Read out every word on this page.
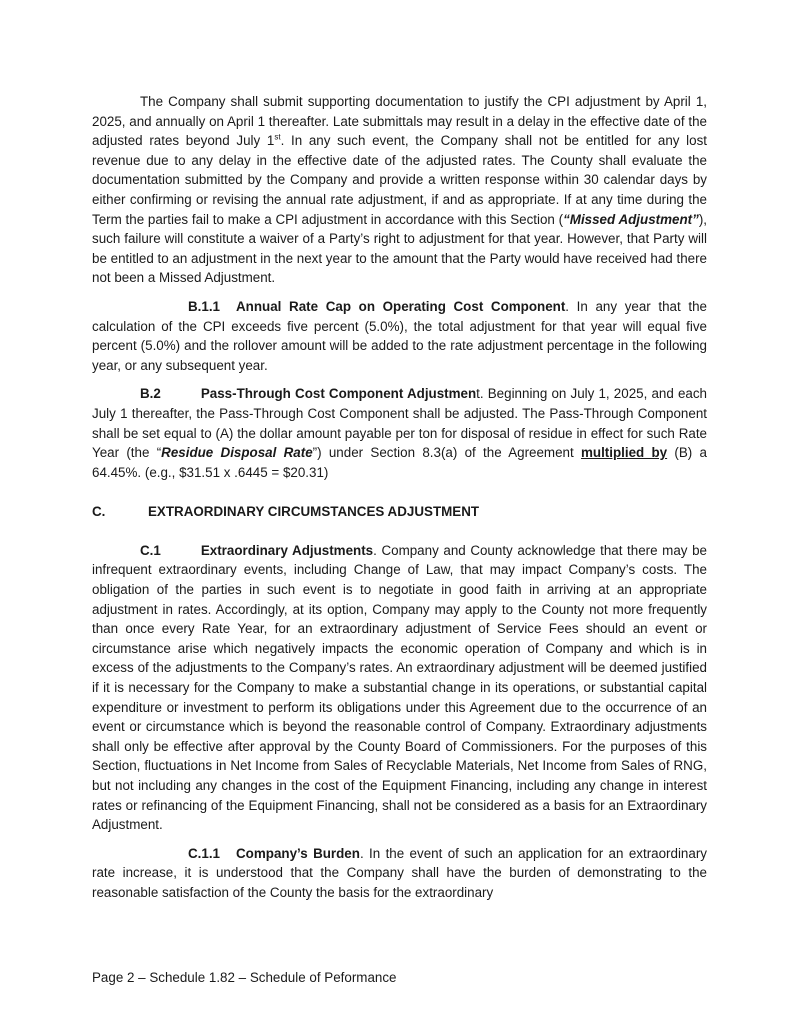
The Company shall submit supporting documentation to justify the CPI adjustment by April 1, 2025, and annually on April 1 thereafter. Late submittals may result in a delay in the effective date of the adjusted rates beyond July 1st. In any such event, the Company shall not be entitled for any lost revenue due to any delay in the effective date of the adjusted rates. The County shall evaluate the documentation submitted by the Company and provide a written response within 30 calendar days by either confirming or revising the annual rate adjustment, if and as appropriate. If at any time during the Term the parties fail to make a CPI adjustment in accordance with this Section (“Missed Adjustment”), such failure will constitute a waiver of a Party’s right to adjustment for that year. However, that Party will be entitled to an adjustment in the next year to the amount that the Party would have received had there not been a Missed Adjustment.

B.1.1 Annual Rate Cap on Operating Cost Component. In any year that the calculation of the CPI exceeds five percent (5.0%), the total adjustment for that year will equal five percent (5.0%) and the rollover amount will be added to the rate adjustment percentage in the following year, or any subsequent year.

B.2	Pass-Through Cost Component Adjustment. Beginning on July 1, 2025, and each July 1 thereafter, the Pass-Through Cost Component shall be adjusted. The Pass-Through Component shall be set equal to (A) the dollar amount payable per ton for disposal of residue in effect for such Rate Year (the “Residue Disposal Rate”) under Section 8.3(a) of the Agreement multiplied by (B) a 64.45%. (e.g., $31.51 x .6445 = $20.31)

C.	EXTRAORDINARY CIRCUMSTANCES ADJUSTMENT

C.1	Extraordinary Adjustments. Company and County acknowledge that there may be infrequent extraordinary events, including Change of Law, that may impact Company’s costs. The obligation of the parties in such event is to negotiate in good faith in arriving at an appropriate adjustment in rates. Accordingly, at its option, Company may apply to the County not more frequently than once every Rate Year, for an extraordinary adjustment of Service Fees should an event or circumstance arise which negatively impacts the economic operation of Company and which is in excess of the adjustments to the Company’s rates. An extraordinary adjustment will be deemed justified if it is necessary for the Company to make a substantial change in its operations, or substantial capital expenditure or investment to perform its obligations under this Agreement due to the occurrence of an event or circumstance which is beyond the reasonable control of Company. Extraordinary adjustments shall only be effective after approval by the County Board of Commissioners. For the purposes of this Section, fluctuations in Net Income from Sales of Recyclable Materials, Net Income from Sales of RNG, but not including any changes in the cost of the Equipment Financing, including any change in interest rates or refinancing of the Equipment Financing, shall not be considered as a basis for an Extraordinary Adjustment.

C.1.1 Company’s Burden. In the event of such an application for an extraordinary rate increase, it is understood that the Company shall have the burden of demonstrating to the reasonable satisfaction of the County the basis for the extraordinary

Page 2 – Schedule 1.82 – Schedule of Peformance
